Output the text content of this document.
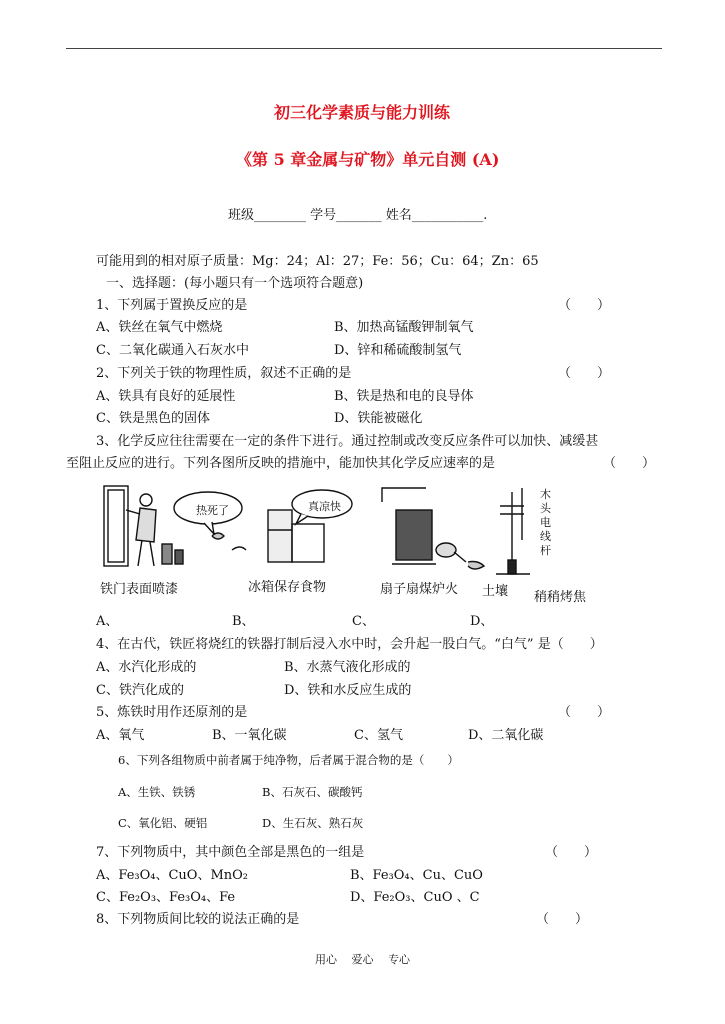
初三化学素质与能力训练
《第 5 章金属与矿物》单元自测 (A)
班级________ 学号_______ 姓名___________.
可能用到的相对原子质量：Mg：24；Al：27；Fe：56；Cu：64；Zn：65
一、选择题：(每小题只有一个选项符合题意)
1、下列属于置换反应的是	（　　）
A、铁丝在氧气中燃烧	B、加热高锰酸钾制氧气
C、二氧化碳通入石灰水中	D、锌和稀硫酸制氢气
2、下列关于铁的物理性质，叙述不正确的是	（　　）
A、铁具有良好的延展性	B、铁是热和电的良导体
C、铁是黑色的固体	D、铁能被磁化
3、化学反应往往需要在一定的条件下进行。通过控制或改变反应条件可以加快、减缓甚
至阻止反应的进行。下列各图所反映的措施中，能加快其化学反应速率的是	（　　）
热死了	真凉快
木头电线杆
铁门表面喷漆	冰箱保存食物	扇子扇煤炉火 土壤 稍稍烤焦
A、	B、	C、	D、
4、在古代，铁匠将烧红的铁器打制后浸入水中时，会升起一股白气。“白气” 是（　　）
A、水汽化形成的	B、水蒸气液化形成的
C、铁汽化成的	D、铁和水反应生成的
5、炼铁时用作还原剂的是	（　　）
A、氧气	B、一氧化碳	C、氢气	D、二氧化碳
6、下列各组物质中前者属于纯净物，后者属于混合物的是（　　）
A、生铁、铁锈	B、石灰石、碳酸钙
C、氧化铝、硬铝	D、生石灰、熟石灰
7、下列物质中，其中颜色全部是黑色的一组是	（　　）
A、Fe₃O₄、CuO、MnO₂	B、Fe₃O₄、Cu、CuO
C、Fe₂O₃、Fe₃O₄、Fe	D、Fe₂O₃、CuO 、C
8、下列物质间比较的说法正确的是	（　　）
用心　 爱心　 专心
